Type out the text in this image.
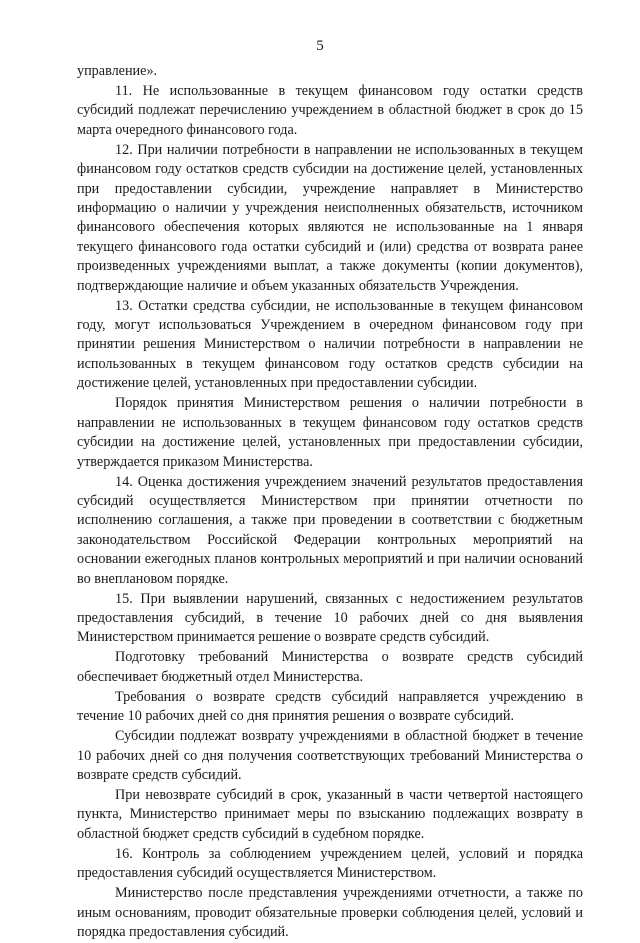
5

управление».

11. Не использованные в текущем финансовом году остатки средств субсидий подлежат перечислению учреждением в областной бюджет в срок до 15 марта очередного финансового года.

12. При наличии потребности в направлении не использованных в текущем финансовом году остатков средств субсидии на достижение целей, установленных при предоставлении субсидии, учреждение направляет в Министерство информацию о наличии у учреждения неисполненных обязательств, источником финансового обеспечения которых являются не использованные на 1 января текущего финансового года остатки субсидий и (или) средства от возврата ранее произведенных учреждениями выплат, а также документы (копии документов), подтверждающие наличие и объем указанных обязательств Учреждения.

13. Остатки средства субсидии, не использованные в текущем финансовом году, могут использоваться Учреждением в очередном финансовом году при принятии решения Министерством о наличии потребности в направлении не использованных в текущем финансовом году остатков средств субсидии на достижение целей, установленных при предоставлении субсидии.

Порядок принятия Министерством решения о наличии потребности в направлении не использованных в текущем финансовом году остатков средств субсидии на достижение целей, установленных при предоставлении субсидии, утверждается приказом Министерства.

14. Оценка достижения учреждением значений результатов предоставления субсидий осуществляется Министерством при принятии отчетности по исполнению соглашения, а также при проведении в соответствии с бюджетным законодательством Российской Федерации контрольных мероприятий на основании ежегодных планов контрольных мероприятий и при наличии оснований во внеплановом порядке.

15. При выявлении нарушений, связанных с недостижением результатов предоставления субсидий, в течение 10 рабочих дней со дня выявления Министерством принимается решение о возврате средств субсидий.

Подготовку требований Министерства о возврате средств субсидий обеспечивает бюджетный отдел Министерства.

Требования о возврате средств субсидий направляется учреждению в течение 10 рабочих дней со дня принятия решения о возврате субсидий.

Субсидии подлежат возврату учреждениями в областной бюджет в течение 10 рабочих дней со дня получения соответствующих требований Министерства о возврате средств субсидий.

При невозврате субсидий в срок, указанный в части четвертой настоящего пункта, Министерство принимает меры по взысканию подлежащих возврату в областной бюджет средств субсидий в судебном порядке.

16. Контроль за соблюдением учреждением целей, условий и порядка предоставления субсидий осуществляется Министерством.

Министерство после представления учреждениями отчетности, а также по иным основаниям, проводит обязательные проверки соблюдения целей, условий и порядка предоставления субсидий.
